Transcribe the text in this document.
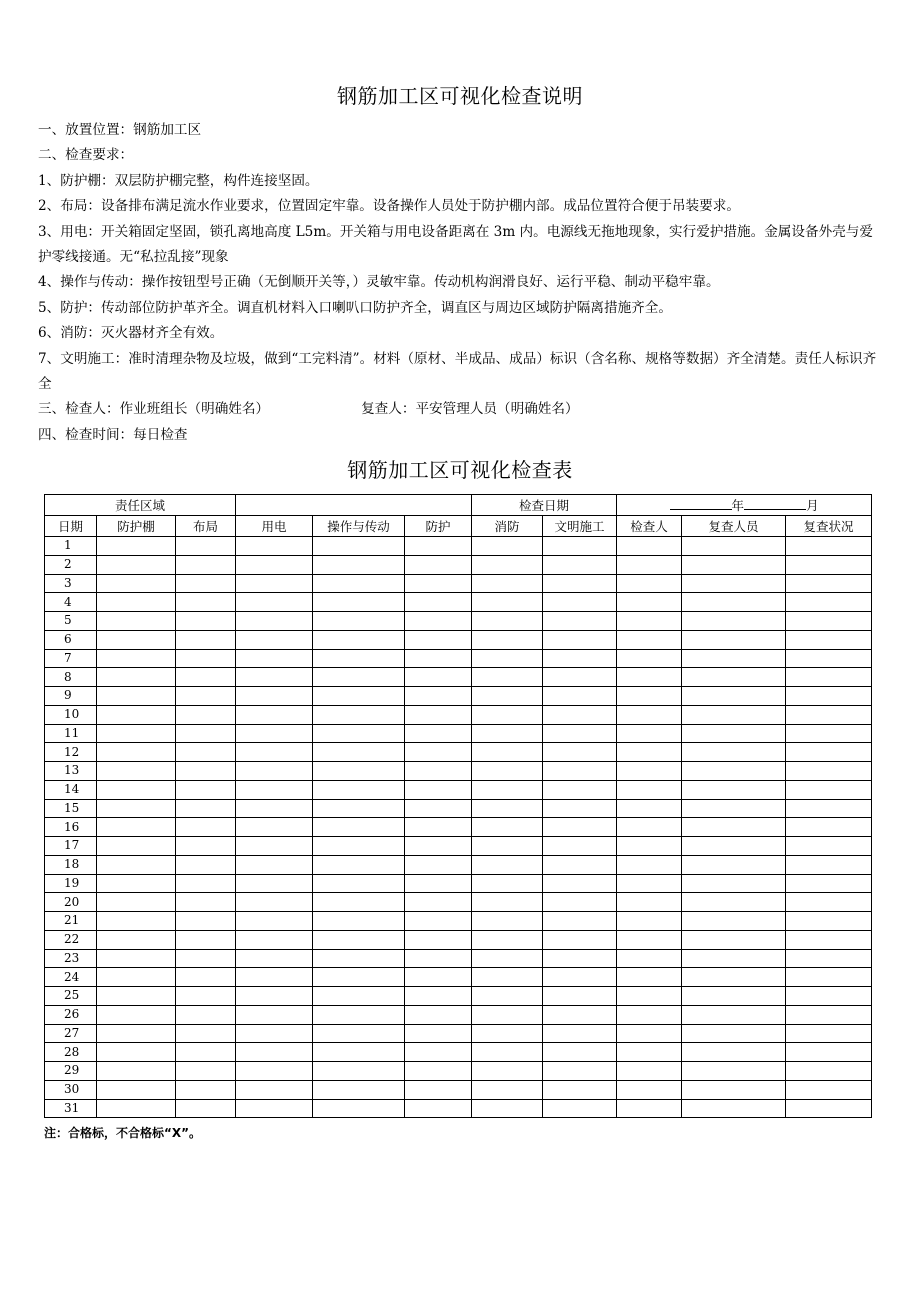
钢筋加工区可视化检查说明

一、放置位置：钢筋加工区

二、检查要求：

1、防护棚：双层防护棚完整，构件连接坚固。

2、布局：设备排布满足流水作业要求，位置固定牢靠。设备操作人员处于防护棚内部。成品位置符合便于吊装要求。

3、用电：开关箱固定坚固，锁孔离地高度 L5m。开关箱与用电设备距离在 3m 内。电源线无拖地现象，实行爱护措施。金属设备外壳与爱护零线接通。无“私拉乱接”现象

4、操作与传动：操作按钮型号正确（无倒顺开关等，）灵敏牢靠。传动机构润滑良好、运行平稳、制动平稳牢靠。

5、防护：传动部位防护革齐全。调直机材料入口喇叭口防护齐全，调直区与周边区域防护隔离措施齐全。

6、消防：灭火器材齐全有效。

7、文明施工：准时清理杂物及垃圾，做到“工完料清”。材料（原材、半成品、成品）标识（含名称、规格等数据）齐全清楚。责任人标识齐全

三、检查人：作业班组长（明确姓名）	复查人：平安管理人员（明确姓名）

四、检查时间：每日检查

钢筋加工区可视化检查表
责任区域						检查日期		年 月		
日期	防护棚	布局	用电	操作与传动	防护	消防	文明施工	检查人	复查人员	复查状况
1										
2										
3										
4										
5										
6										
7										
8										
9										
10										
11										
12										
13										
14										
15										
16										
17										
18										
19										
20										
21										
22										
23										
24										
25										
26										
27										
28										
29										
30										
31										
注：合格标，不合格标“X”。
